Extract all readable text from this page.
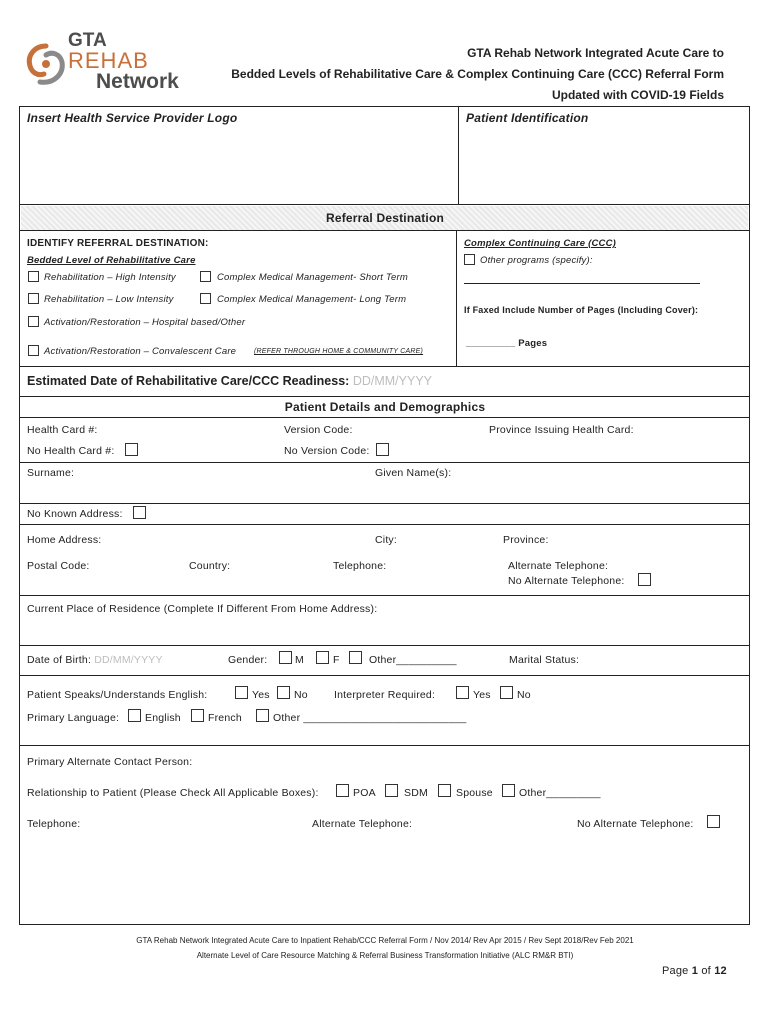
GTA
REHAB
Network
GTA Rehab Network Integrated Acute Care to
Bedded Levels of Rehabilitative Care & Complex Continuing Care (CCC) Referral Form
Updated with COVID-19 Fields
Insert Health Service Provider Logo	Patient Identification
Referral Destination
IDENTIFY REFERRAL DESTINATION:
Bedded Level of Rehabilitative Care
Rehabilitation – High Intensity	Complex Medical Management- Short Term
Rehabilitation – Low Intensity	Complex Medical Management- Long Term
Activation/Restoration – Hospital based/Other
Activation/Restoration – Convalescent Care	(REFER THROUGH HOME & COMMUNITY CARE)
Complex Continuing Care (CCC)
Other programs (specify):
If Faxed Include Number of Pages (Including Cover):
_________ Pages
Estimated Date of Rehabilitative Care/CCC Readiness: DD/MM/YYYY
Patient Details and Demographics
Health Card #:	Version Code:	Province Issuing Health Card:
No Health Card #:	No Version Code:
Surname:	Given Name(s):
No Known Address:
Home Address:	City:	Province:
Postal Code:	Country:	Telephone:	Alternate Telephone:
No Alternate Telephone:
Current Place of Residence (Complete If Different From Home Address):
Date of Birth: DD/MM/YYYY	Gender:	M	F	Other__________	Marital Status:
Patient Speaks/Understands English:	Yes No Interpreter Required:	Yes	No
Primary Language: English	French	Other ___________________________
Primary Alternate Contact Person:
Relationship to Patient (Please Check All Applicable Boxes):	POA	SDM	Spouse Other_________
Telephone:	Alternate Telephone:	No Alternate Telephone:
GTA Rehab Network Integrated Acute Care to Inpatient Rehab/CCC Referral Form / Nov 2014/ Rev Apr 2015 / Rev Sept 2018/Rev Feb 2021
Alternate Level of Care Resource Matching & Referral Business Transformation Initiative (ALC RM&R BTI)
Page 1 of 12
